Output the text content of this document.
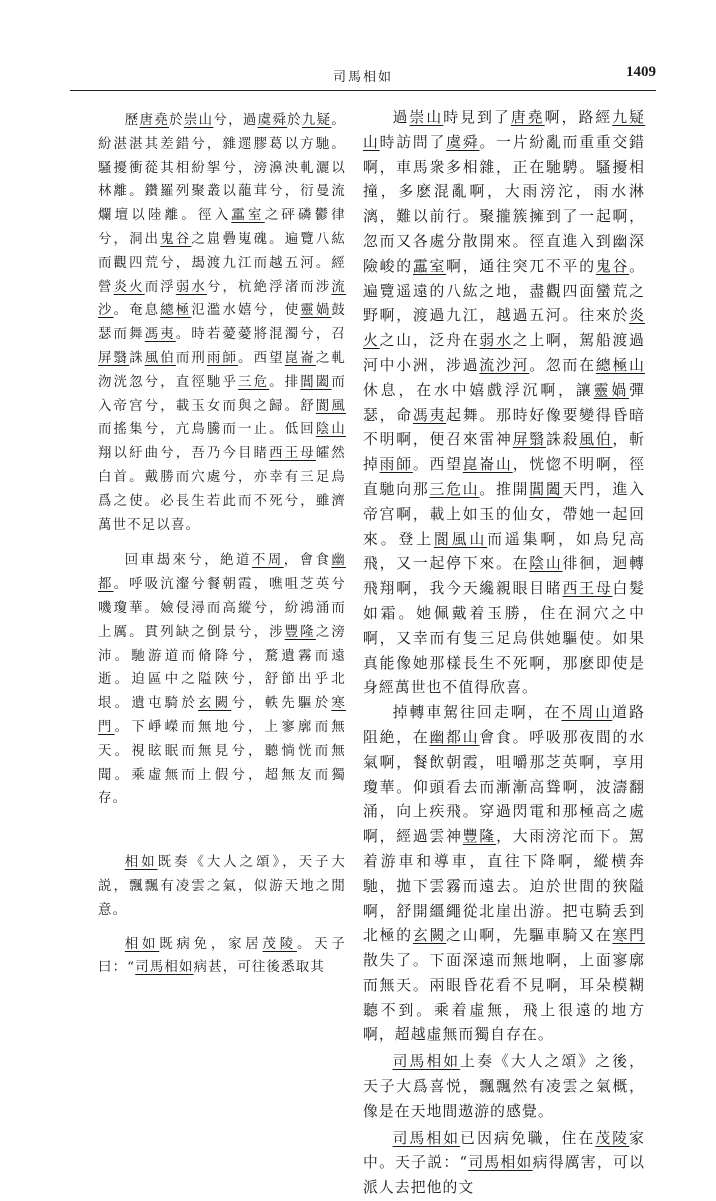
司馬相如	1409

歷唐堯於崇山兮，過虞舜於九疑。紛湛湛其差錯兮，雜遝膠葛以方馳。騷擾衝蓯其相紛挐兮，滂濞泱軋灑以林離。鑽羅列聚叢以蘢茸兮，衍曼流爛壇以陸離。徑入靁室之砰磷鬱律兮，洞出鬼谷之崫礨嵬磈。遍覽八紘而觀四荒兮，朅渡九江而越五河。經營炎火而浮弱水兮，杭絶浮渚而涉流沙。奄息總極氾濫水嬉兮，使靈媧鼓瑟而舞馮夷。時若薆薆將混濁兮，召屏翳誅風伯而刑雨師。西望崑崙之軋沕洸忽兮，直徑馳乎三危。排閶闔而入帝宫兮，載玉女而與之歸。舒閬風而搖集兮，亢鳥騰而一止。低回陰山翔以紆曲兮，吾乃今目睹西王母皬然白首。戴勝而穴處兮，亦幸有三足烏爲之使。必長生若此而不死兮，雖濟萬世不足以喜。

回車朅來兮，絶道不周，會食幽都。呼吸沆瀣兮餐朝霞，噍咀芝英兮嘰瓊華。嬐侵潯而高縱兮，紛鴻涌而上厲。貫列缺之倒景兮，涉豐隆之滂沛。馳游道而脩降兮，騖遺霧而遠逝。迫區中之隘陜兮，舒節出乎北垠。遺屯騎於玄闕兮，軼先驅於寒門。下崢嶸而無地兮，上寥廓而無天。視眩眠而無見兮，聽惝恍而無聞。乘虛無而上假兮，超無友而獨存。

相如既奏《大人之頌》，天子大説，飄飄有凌雲之氣，似游天地之閒意。

相如既病免，家居茂陵。天子曰：“司馬相如病甚，可往後悉取其

過崇山時見到了唐堯啊，路經九疑山時訪問了虞舜。一片紛亂而重重交錯啊，車馬衆多相雜，正在馳騁。騷擾相撞，多麽混亂啊，大雨滂沱，雨水淋漓，難以前行。聚攏簇擁到了一起啊，忽而又各處分散開來。徑直進入到幽深險峻的靁室啊，通往突兀不平的鬼谷。遍覽遥遠的八紘之地，盡觀四面蠻荒之野啊，渡過九江，越過五河。往來於炎火之山，泛舟在弱水之上啊，駕船渡過河中小洲，涉過流沙河。忽而在總極山休息，在水中嬉戲浮沉啊，讓靈媧彈瑟，命馮夷起舞。那時好像要變得昏暗不明啊，便召來雷神屏翳誅殺風伯，斬掉雨師。西望崑崙山，恍惚不明啊，徑直馳向那三危山。推開閶闔天門，進入帝宫啊，載上如玉的仙女，帶她一起回來。登上閬風山而遥集啊，如鳥兒高飛，又一起停下來。在陰山徘徊，迴轉飛翔啊，我今天纔親眼目睹西王母白髮如霜。她佩戴着玉勝，住在洞穴之中啊，又幸而有隻三足烏供她驅使。如果真能像她那樣長生不死啊，那麽即使是身經萬世也不值得欣喜。

掉轉車駕往回走啊，在不周山道路阻絶，在幽都山會食。呼吸那夜間的水氣啊，餐飲朝霞，咀嚼那芝英啊，享用瓊華。仰頭看去而漸漸高聳啊，波濤翻涌，向上疾飛。穿過閃電和那極高之處啊，經過雲神豐隆，大雨滂沱而下。駕着游車和導車，直往下降啊，縱横奔馳，拋下雲霧而遠去。迫於世間的狹隘啊，舒開繮繩從北崖出游。把屯騎丢到北極的玄闕之山啊，先驅車騎又在寒門散失了。下面深遠而無地啊，上面寥廓而無天。兩眼昏花看不見啊，耳朵模糊聽不到。乘着虛無，飛上很遠的地方啊，超越虛無而獨自存在。

司馬相如上奏《大人之頌》之後，天子大爲喜悦，飄飄然有凌雲之氣概，像是在天地間遨游的感覺。

司馬相如已因病免職，住在茂陵家中。天子説：“司馬相如病得厲害，可以派人去把他的文
